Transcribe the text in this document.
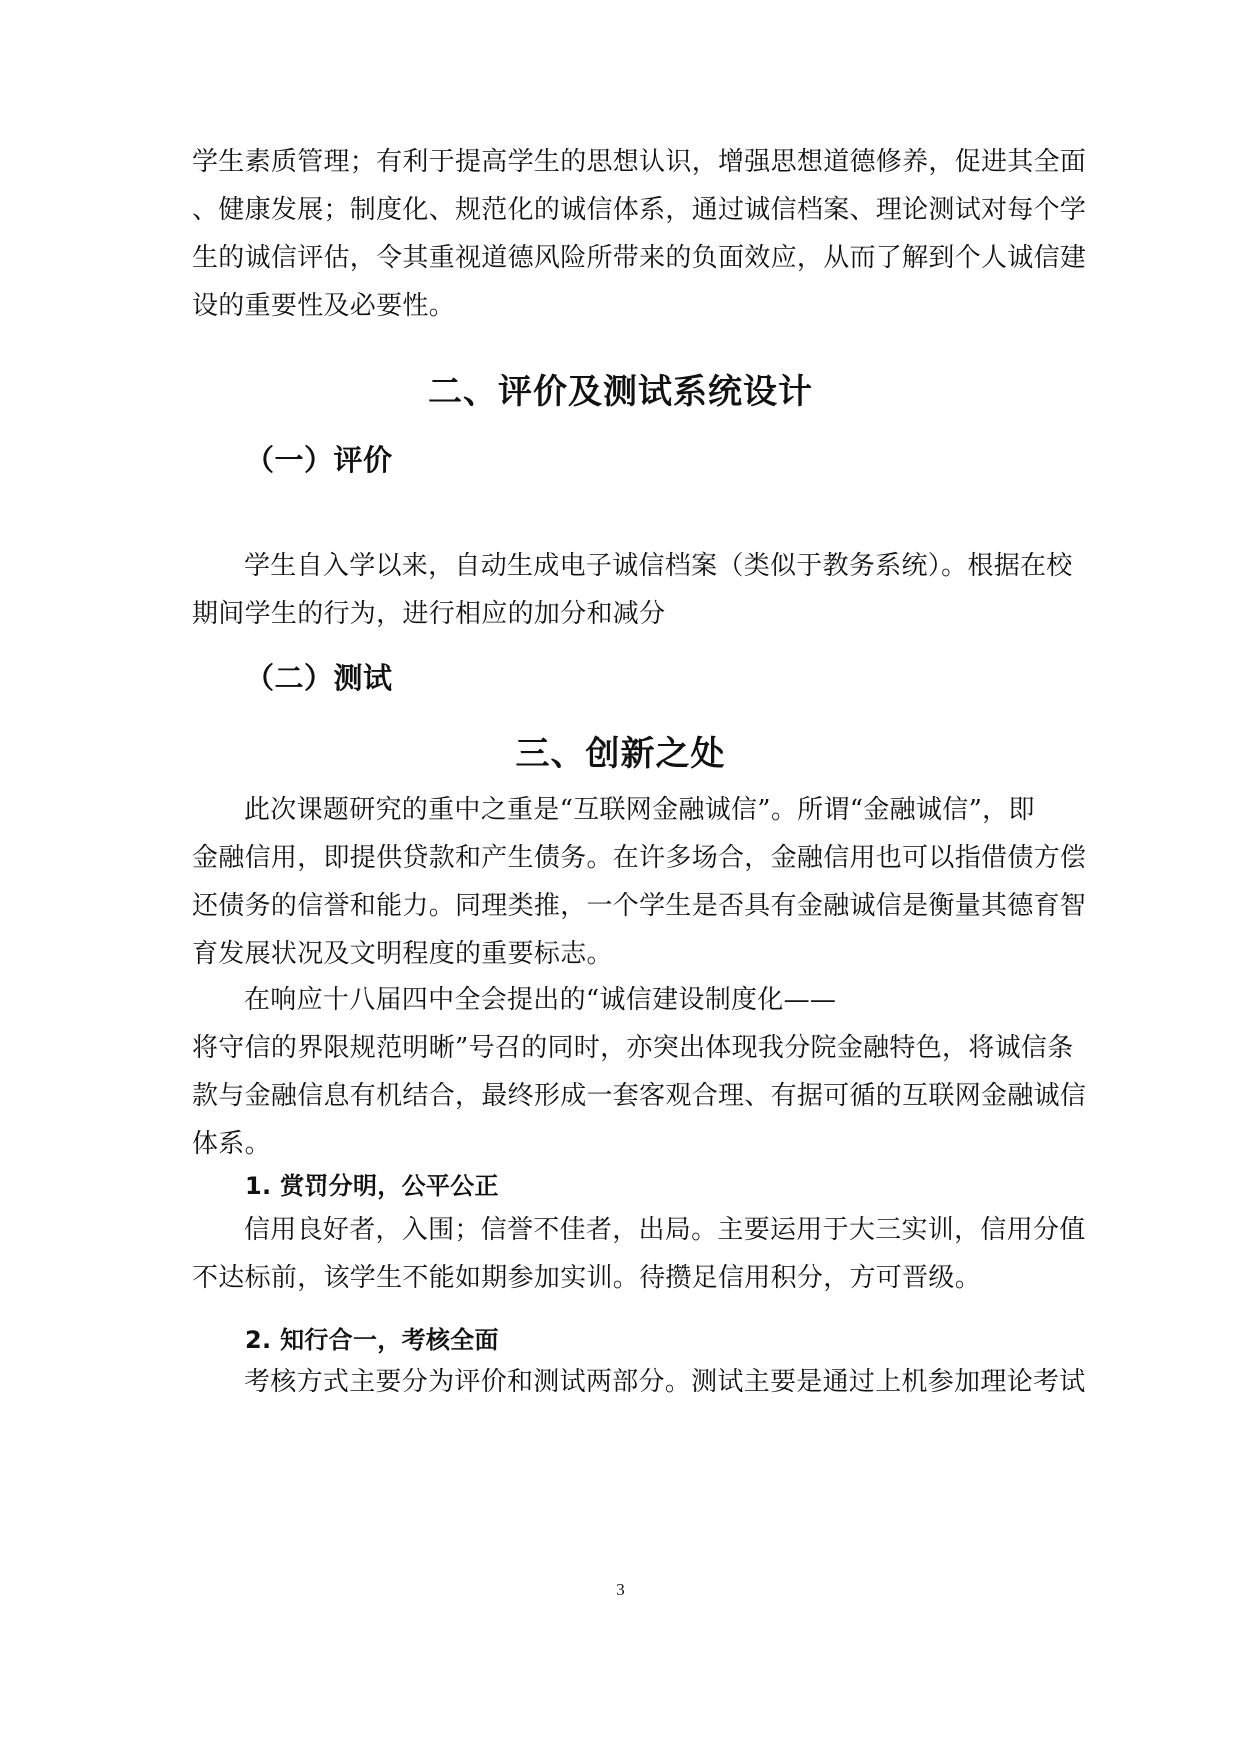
学生素质管理；有利于提高学生的思想认识，增强思想道德修养，促进其全面
、健康发展；制度化、规范化的诚信体系，通过诚信档案、理论测试对每个学
生的诚信评估，令其重视道德风险所带来的负面效应，从而了解到个人诚信建
设的重要性及必要性。

二、评价及测试系统设计
（一）评价

学生自入学以来，自动生成电子诚信档案（类似于教务系统）。根据在校
期间学生的行为，进行相应的加分和减分

（二）测试
三、创新之处

此次课题研究的重中之重是“互联网金融诚信”。所谓“金融诚信”，即
金融信用，即提供贷款和产生债务。在许多场合，金融信用也可以指借债方偿
还债务的信誉和能力。同理类推，一个学生是否具有金融诚信是衡量其德育智
育发展状况及文明程度的重要标志。

在响应十八届四中全会提出的“诚信建设制度化——
将守信的界限规范明晰”号召的同时，亦突出体现我分院金融特色，将诚信条
款与金融信息有机结合，最终形成一套客观合理、有据可循的互联网金融诚信
体系。

1. 赏罚分明，公平公正

信用良好者，入围；信誉不佳者，出局。主要运用于大三实训，信用分值
不达标前，该学生不能如期参加实训。待攒足信用积分，方可晋级。

2. 知行合一，考核全面

考核方式主要分为评价和测试两部分。测试主要是通过上机参加理论考试

3
